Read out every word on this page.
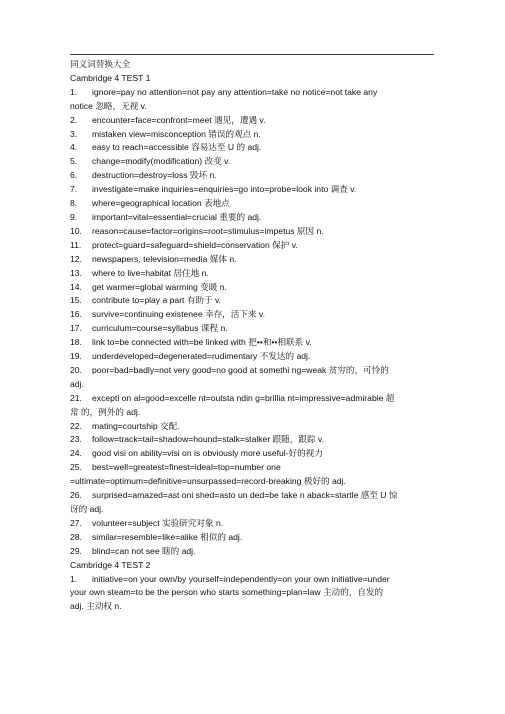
同义词替换大全
Cambridge 4 TEST 1
1.	ignore=pay no attention=not pay any attention=take no notice=not take any
notice 忽略，无视 v.
2.	encounter=face=confront=meet 遇见，遭遇 v.
3.	mistaken view=misconception 错误的观点 n.
4.	easy to reach=accessible 容易达至 U 的 adj.
5.	change=modify(modification) 改变 v.
6.	destruction=destroy=loss 毁坏 n.
7.	investigate=make inquiries=enquiries=go into=probe=look into 调查 v.
8.	where=geographical location 表地点
9.	important=vital=essential=crucial 重要的 adj.
10.	reason=cause=factor=origins=root=stimulus=impetus 原因 n.
11.	protect=guard=safeguard=shield=conservation 保护 v.
12.	newspapers, television=media 媒体 n.
13.	where to live=habitat 居住地 n.
14.	get warmer=global warming 变暖 n.
15.	contribute to=play a part 有助于 v.
16.	survive=continuing existenee 幸存，活下来 v.
17.	curriculum=course=syllabus 课程 n.
18.	link to=be connected with=be linked with 把••和••相联系 v.
19.	underdeveloped=degenerated=rudimentary 不发达的 adj.
20.	poor=bad=badly=not very good=no good at somethi ng=weak 贫穷的，可怜的
adj.
21.	excepti on al=good=excelle nt=outsta ndin g=brillia nt=impressive=admirable 超
常 的，例外的 adj.
22.	mating=courtship 交配.
23.	follow=track=tail=shadow=hound=stalk=stalker 跟随，跟踪 v.
24.	good visi on ability=visi on is obviously more useful-好的视力
25.	best=well=greatest=finest=ideal=top=number one
=ultimate=optimum=definitive=unsurpassed=record-breaking 极好的 adj.
26.	surprised=amazed=ast oni shed=asto un ded=be take n aback=startle 感至 U 惊
讶的 adj.
27.	volunteer=subject 实验研究对象 n.
28.	similar=resemble=like=alike 相似的 adj.
29.	blind=can not see 瞎的 adj.
Cambridge 4 TEST 2
1.	initiative=on your own/by yourself=independently=on your own initiative=under
your own steam=to be the person who starts something=plan=law 主动的，自发的
adj. 主动权 n.
